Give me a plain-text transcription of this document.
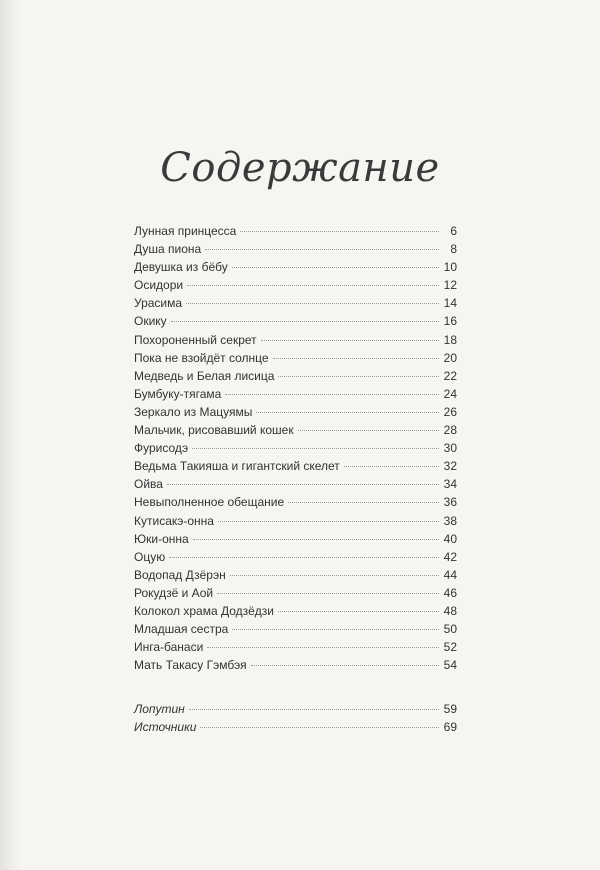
Содержание
Лунная принцесса	6
Душа пиона	8
Девушка из бёбу	10
Осидори	12
Урасима	14
Окику	16
Похороненный секрет	18
Пока не взойдёт солнце	20
Медведь и Белая лисица	22
Бумбуку-тягама	24
Зеркало из Мацуямы	26
Мальчик, рисовавший кошек	28
Фурисодэ	30
Ведьма Такияша и гигантский скелет	32
Ойва	34
Невыполненное обещание	36
Кутисакэ-онна	38
Юки-онна	40
Оцую	42
Водопад Дзёрэн	44
Рокудзё и Аой	46
Колокол храма Додзёдзи	48
Младшая сестра	50
Инга-банаси	52
Мать Такасу Гэмбэя	54
Лопутин	59
Источники	69
